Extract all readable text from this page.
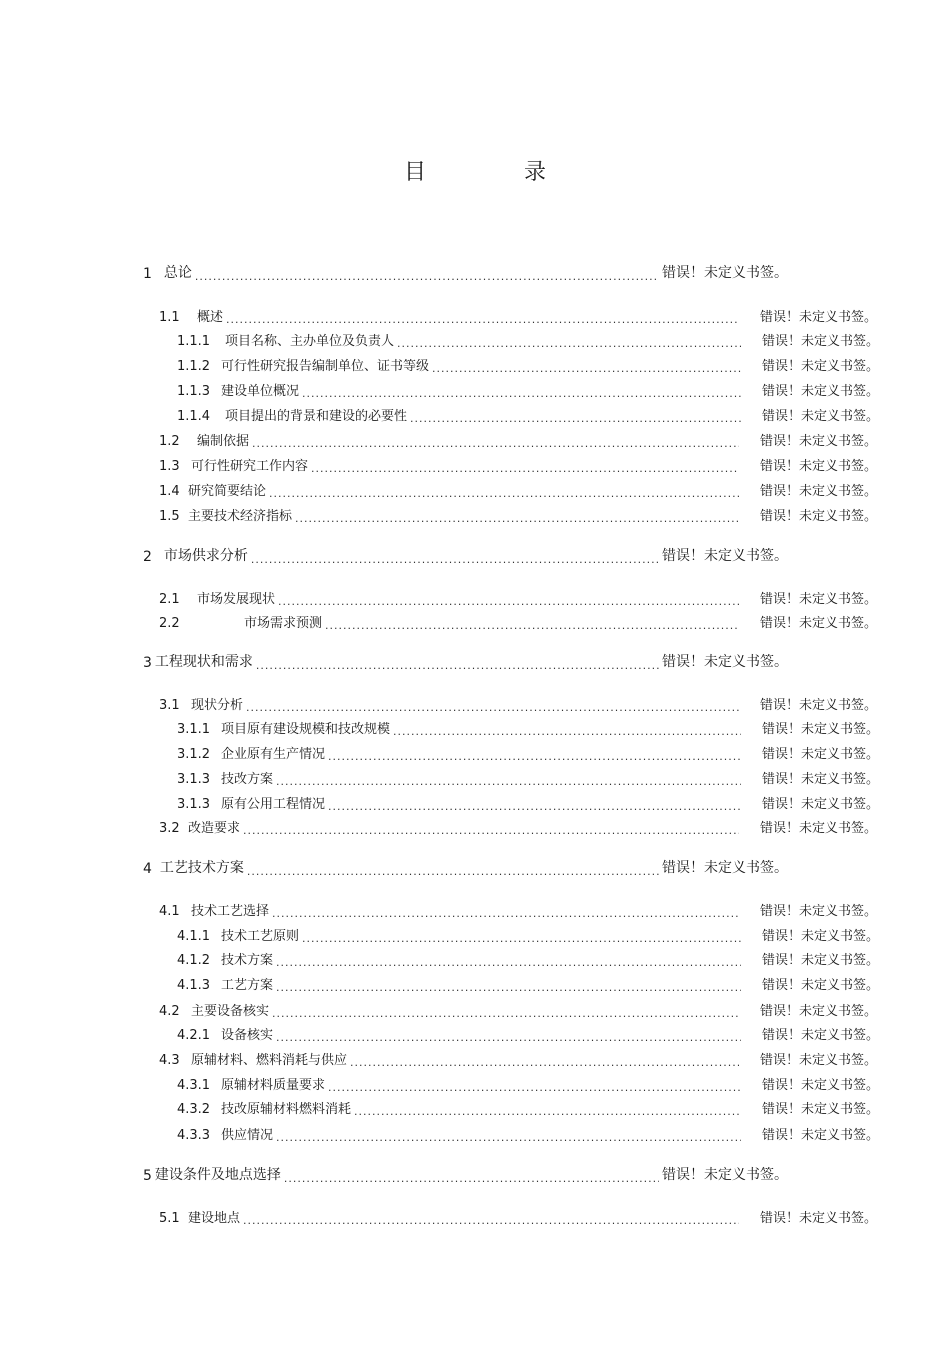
目　录
1 总论 .....	错误！未定义书签。
1.1	概述 .....	错误！未定义书签。
1.1.1	项目名称、主办单位及负责人 .....	错误！未定义书签。
1.1.2 可行性研究报告编制单位、证书等级 .....	错误！未定义书签。
1.1.3 建设单位概况 .....	错误！未定义书签。
1.1.4	项目提出的背景和建设的必要性 .....	错误！未定义书签。
1.2	编制依据 .....	错误！未定义书签。
1.3 可行性研究工作内容 .....	错误！未定义书签。
1.4 研究简要结论 .....	错误！未定义书签。
1.5 主要技术经济指标 .....	错误！未定义书签。
2 市场供求分析 .....	错误！未定义书签。
2.1	市场发展现状 .....	错误！未定义书签。
2.2	市场需求预测 .....	错误！未定义书签。
3 工程现状和需求 .....	错误！未定义书签。
3.1 现状分析 .....	错误！未定义书签。
3.1.1 项目原有建设规模和技改规模 .....	错误！未定义书签。
3.1.2 企业原有生产情况 .....	错误！未定义书签。
3.1.3 技改方案 .....	错误！未定义书签。
3.1.3 原有公用工程情况 .....	错误！未定义书签。
3.2 改造要求 .....	错误！未定义书签。
4 工艺技术方案 .....	错误！未定义书签。
4.1 技术工艺选择 .....	错误！未定义书签。
4.1.1 技术工艺原则 .....	错误！未定义书签。
4.1.2 技术方案 .....	错误！未定义书签。
4.1.3 工艺方案 .....	错误！未定义书签。
4.2 主要设备核实 .....	错误！未定义书签。
4.2.1 设备核实 .....	错误！未定义书签。
4.3 原辅材料、燃料消耗与供应 .....	错误！未定义书签。
4.3.1 原辅材料质量要求 .....	错误！未定义书签。
4.3.2 技改原辅材料燃料消耗 .....	错误！未定义书签。
4.3.3 供应情况 .....	错误！未定义书签。
5 建设条件及地点选择 .....	错误！未定义书签。
5.1 建设地点 .....	错误！未定义书签。
